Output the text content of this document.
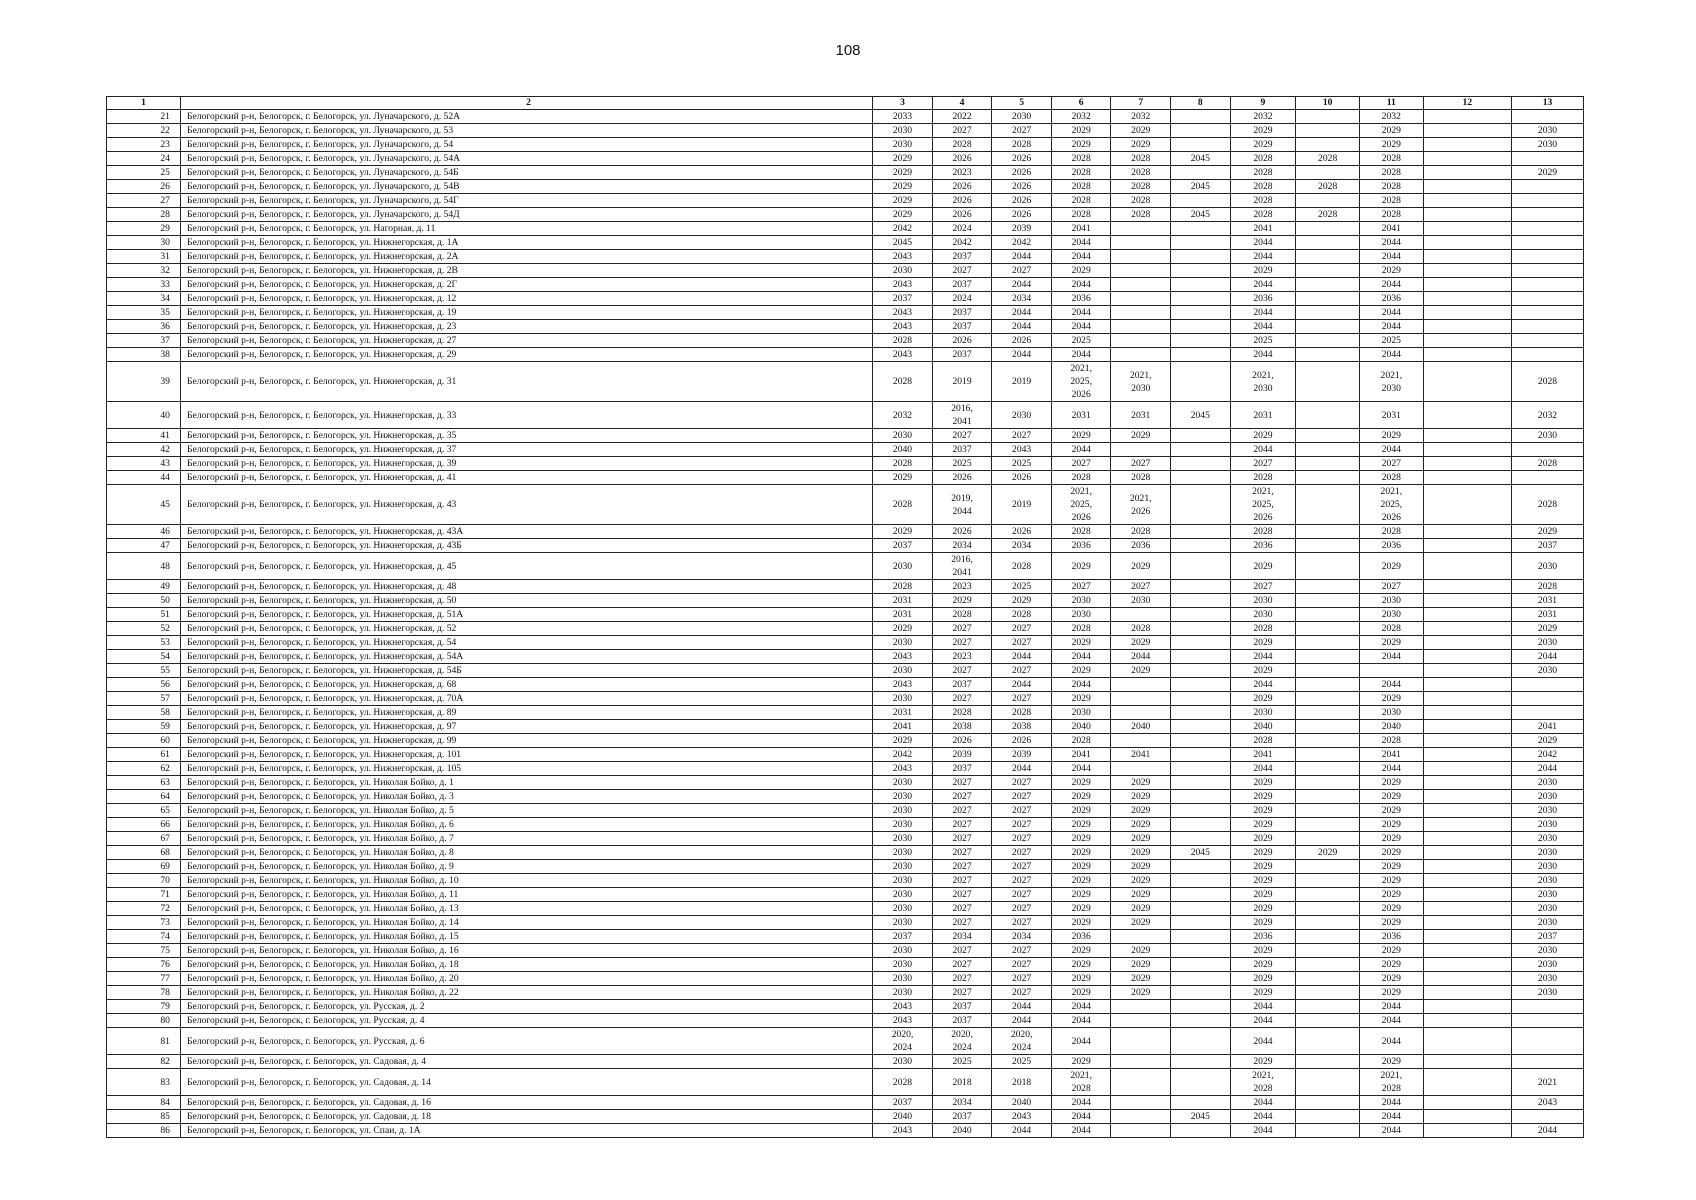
108
1	2	3	4	5	6	7	8	9	10	11	12	13
21	Белогорский р-н, Белогорск, г. Белогорск, ул. Луначарского, д. 52А	2033	2022	2030	2032	2032		2032		2032		
22	Белогорский р-н, Белогорск, г. Белогорск, ул. Луначарского, д. 53	2030	2027	2027	2029	2029		2029		2029		2030
23	Белогорский р-н, Белогорск, г. Белогорск, ул. Луначарского, д. 54	2030	2028	2028	2029	2029		2029		2029		2030
24	Белогорский р-н, Белогорск, г. Белогорск, ул. Луначарского, д. 54А	2029	2026	2026	2028	2028	2045	2028	2028	2028		
25	Белогорский р-н, Белогорск, г. Белогорск, ул. Луначарского, д. 54Б	2029	2023	2026	2028	2028		2028		2028		2029
26	Белогорский р-н, Белогорск, г. Белогорск, ул. Луначарского, д. 54В	2029	2026	2026	2028	2028	2045	2028	2028	2028		
27	Белогорский р-н, Белогорск, г. Белогорск, ул. Луначарского, д. 54Г	2029	2026	2026	2028	2028		2028		2028		
28	Белогорский р-н, Белогорск, г. Белогорск, ул. Луначарского, д. 54Д	2029	2026	2026	2028	2028	2045	2028	2028	2028		
29	Белогорский р-н, Белогорск, г. Белогорск, ул. Нагорная, д. 11	2042	2024	2039	2041			2041		2041		
30	Белогорский р-н, Белогорск, г. Белогорск, ул. Нижнегорская, д. 1А	2045	2042	2042	2044			2044		2044		
31	Белогорский р-н, Белогорск, г. Белогорск, ул. Нижнегорская, д. 2А	2043	2037	2044	2044			2044		2044		
32	Белогорский р-н, Белогорск, г. Белогорск, ул. Нижнегорская, д. 2В	2030	2027	2027	2029			2029		2029		
33	Белогорский р-н, Белогорск, г. Белогорск, ул. Нижнегорская, д. 2Г	2043	2037	2044	2044			2044		2044		
34	Белогорский р-н, Белогорск, г. Белогорск, ул. Нижнегорская, д. 12	2037	2024	2034	2036			2036		2036		
35	Белогорский р-н, Белогорск, г. Белогорск, ул. Нижнегорская, д. 19	2043	2037	2044	2044			2044		2044		
36	Белогорский р-н, Белогорск, г. Белогорск, ул. Нижнегорская, д. 23	2043	2037	2044	2044			2044		2044		
37	Белогорский р-н, Белогорск, г. Белогорск, ул. Нижнегорская, д. 27	2028	2026	2026	2025			2025		2025		
38	Белогорский р-н, Белогорск, г. Белогорск, ул. Нижнегорская, д. 29	2043	2037	2044	2044			2044		2044		
39	Белогорский р-н, Белогорск, г. Белогорск, ул. Нижнегорская, д. 31	2028	2019	2019	2021,
2025,
2026	2021,
2030		2021,
2030		2021,
2030		2028
40	Белогорский р-н, Белогорск, г. Белогорск, ул. Нижнегорская, д. 33	2032	2016,
2041	2030	2031	2031	2045	2031		2031		2032
41	Белогорский р-н, Белогорск, г. Белогорск, ул. Нижнегорская, д. 35	2030	2027	2027	2029	2029		2029		2029		2030
42	Белогорский р-н, Белогорск, г. Белогорск, ул. Нижнегорская, д. 37	2040	2037	2043	2044			2044		2044		
43	Белогорский р-н, Белогорск, г. Белогорск, ул. Нижнегорская, д. 39	2028	2025	2025	2027	2027		2027		2027		2028
44	Белогорский р-н, Белогорск, г. Белогорск, ул. Нижнегорская, д. 41	2029	2026	2026	2028	2028		2028		2028		
45	Белогорский р-н, Белогорск, г. Белогорск, ул. Нижнегорская, д. 43	2028	2019,
2044	2019	2021,
2025,
2026	2021,
2026		2021,
2025,
2026		2021,
2025,
2026		2028
46	Белогорский р-н, Белогорск, г. Белогорск, ул. Нижнегорская, д. 43А	2029	2026	2026	2028	2028		2028		2028		2029
47	Белогорский р-н, Белогорск, г. Белогорск, ул. Нижнегорская, д. 43Б	2037	2034	2034	2036	2036		2036		2036		2037
48	Белогорский р-н, Белогорск, г. Белогорск, ул. Нижнегорская, д. 45	2030	2016,
2041	2028	2029	2029		2029		2029		2030
49	Белогорский р-н, Белогорск, г. Белогорск, ул. Нижнегорская, д. 48	2028	2023	2025	2027	2027		2027		2027		2028
50	Белогорский р-н, Белогорск, г. Белогорск, ул. Нижнегорская, д. 50	2031	2029	2029	2030	2030		2030		2030		2031
51	Белогорский р-н, Белогорск, г. Белогорск, ул. Нижнегорская, д. 51А	2031	2028	2028	2030			2030		2030		2031
52	Белогорский р-н, Белогорск, г. Белогорск, ул. Нижнегорская, д. 52	2029	2027	2027	2028	2028		2028		2028		2029
53	Белогорский р-н, Белогорск, г. Белогорск, ул. Нижнегорская, д. 54	2030	2027	2027	2029	2029		2029		2029		2030
54	Белогорский р-н, Белогорск, г. Белогорск, ул. Нижнегорская, д. 54А	2043	2023	2044	2044	2044		2044		2044		2044
55	Белогорский р-н, Белогорск, г. Белогорск, ул. Нижнегорская, д. 54Б	2030	2027	2027	2029	2029		2029				2030
56	Белогорский р-н, Белогорск, г. Белогорск, ул. Нижнегорская, д. 68	2043	2037	2044	2044			2044		2044		
57	Белогорский р-н, Белогорск, г. Белогорск, ул. Нижнегорская, д. 70А	2030	2027	2027	2029			2029		2029		
58	Белогорский р-н, Белогорск, г. Белогорск, ул. Нижнегорская, д. 89	2031	2028	2028	2030			2030		2030		
59	Белогорский р-н, Белогорск, г. Белогорск, ул. Нижнегорская, д. 97	2041	2038	2038	2040	2040		2040		2040		2041
60	Белогорский р-н, Белогорск, г. Белогорск, ул. Нижнегорская, д. 99	2029	2026	2026	2028			2028		2028		2029
61	Белогорский р-н, Белогорск, г. Белогорск, ул. Нижнегорская, д. 101	2042	2039	2039	2041	2041		2041		2041		2042
62	Белогорский р-н, Белогорск, г. Белогорск, ул. Нижнегорская, д. 105	2043	2037	2044	2044			2044		2044		2044
63	Белогорский р-н, Белогорск, г. Белогорск, ул. Николая Бойко, д. 1	2030	2027	2027	2029	2029		2029		2029		2030
64	Белогорский р-н, Белогорск, г. Белогорск, ул. Николая Бойко, д. 3	2030	2027	2027	2029	2029		2029		2029		2030
65	Белогорский р-н, Белогорск, г. Белогорск, ул. Николая Бойко, д. 5	2030	2027	2027	2029	2029		2029		2029		2030
66	Белогорский р-н, Белогорск, г. Белогорск, ул. Николая Бойко, д. 6	2030	2027	2027	2029	2029		2029		2029		2030
67	Белогорский р-н, Белогорск, г. Белогорск, ул. Николая Бойко, д. 7	2030	2027	2027	2029	2029		2029		2029		2030
68	Белогорский р-н, Белогорск, г. Белогорск, ул. Николая Бойко, д. 8	2030	2027	2027	2029	2029	2045	2029	2029	2029		2030
69	Белогорский р-н, Белогорск, г. Белогорск, ул. Николая Бойко, д. 9	2030	2027	2027	2029	2029		2029		2029		2030
70	Белогорский р-н, Белогорск, г. Белогорск, ул. Николая Бойко, д. 10	2030	2027	2027	2029	2029		2029		2029		2030
71	Белогорский р-н, Белогорск, г. Белогорск, ул. Николая Бойко, д. 11	2030	2027	2027	2029	2029		2029		2029		2030
72	Белогорский р-н, Белогорск, г. Белогорск, ул. Николая Бойко, д. 13	2030	2027	2027	2029	2029		2029		2029		2030
73	Белогорский р-н, Белогорск, г. Белогорск, ул. Николая Бойко, д. 14	2030	2027	2027	2029	2029		2029		2029		2030
74	Белогорский р-н, Белогорск, г. Белогорск, ул. Николая Бойко, д. 15	2037	2034	2034	2036			2036		2036		2037
75	Белогорский р-н, Белогорск, г. Белогорск, ул. Николая Бойко, д. 16	2030	2027	2027	2029	2029		2029		2029		2030
76	Белогорский р-н, Белогорск, г. Белогорск, ул. Николая Бойко, д. 18	2030	2027	2027	2029	2029		2029		2029		2030
77	Белогорский р-н, Белогорск, г. Белогорск, ул. Николая Бойко, д. 20	2030	2027	2027	2029	2029		2029		2029		2030
78	Белогорский р-н, Белогорск, г. Белогорск, ул. Николая Бойко, д. 22	2030	2027	2027	2029	2029		2029		2029		2030
79	Белогорский р-н, Белогорск, г. Белогорск, ул. Русская, д. 2	2043	2037	2044	2044			2044		2044		
80	Белогорский р-н, Белогорск, г. Белогорск, ул. Русская, д. 4	2043	2037	2044	2044			2044		2044		
81	Белогорский р-н, Белогорск, г. Белогорск, ул. Русская, д. 6	2020,
2024	2020,
2024	2020,
2024	2044			2044		2044		
82	Белогорский р-н, Белогорск, г. Белогорск, ул. Садовая, д. 4	2030	2025	2025	2029			2029		2029		
83	Белогорский р-н, Белогорск, г. Белогорск, ул. Садовая, д. 14	2028	2018	2018	2021,
2028			2021,
2028		2021,
2028		2021
84	Белогорский р-н, Белогорск, г. Белогорск, ул. Садовая, д. 16	2037	2034	2040	2044			2044		2044		2043
85	Белогорский р-н, Белогорск, г. Белогорск, ул. Садовая, д. 18	2040	2037	2043	2044		2045	2044		2044		
86	Белогорский р-н, Белогорск, г. Белогорск, ул. Спаи, д. 1А	2043	2040	2044	2044			2044		2044		2044
